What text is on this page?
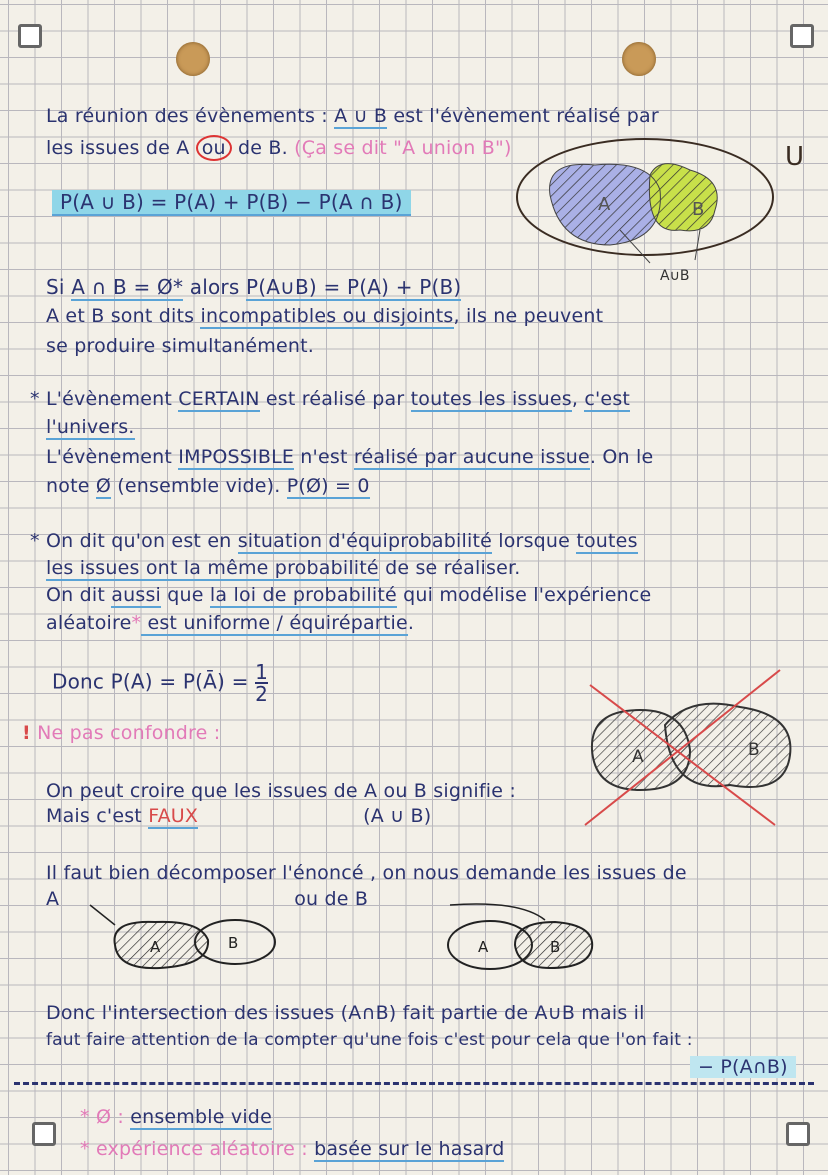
La réunion des évènements : A ∪ B est l'évènement réalisé par
les issues de A ou de B. (Ça se dit "A union B")
P(A ∪ B) = P(A) + P(B) − P(A ∩ B)	A	B
U
A∪B
Si A ∩ B = Ø* alors P(A∪B) = P(A) + P(B)
A et B sont dits incompatibles ou disjoints, ils ne peuvent
se produire simultanément.
* L'évènement CERTAIN est réalisé par toutes les issues, c'est
l'univers.
L'évènement IMPOSSIBLE n'est réalisé par aucune issue. On le
note Ø (ensemble vide). P(Ø) = 0
* On dit qu'on est en situation d'équiprobabilité lorsque toutes
les issues ont la même probabilité de se réaliser.
On dit aussi que la loi de probabilité qui modélise l'expérience
aléatoire* est uniforme / équirépartie.
Donc P(A) = P(Ā) = $\frac{1}{2}$
! Ne pas confondre :
A	B
On peut croire que les issues de A ou B signifie :
Mais c'est FAUX	(A ∪ B)
Il faut bien décomposer l'énoncé , on nous demande les issues de
A	ou de B
A	B	A	B
Donc l'intersection des issues (A∩B) fait partie de A∪B mais il
faut faire attention de la compter qu'une fois c'est pour cela que l'on fait :
− P(A∩B)
* Ø : ensemble vide
* expérience aléatoire : basée sur le hasard
